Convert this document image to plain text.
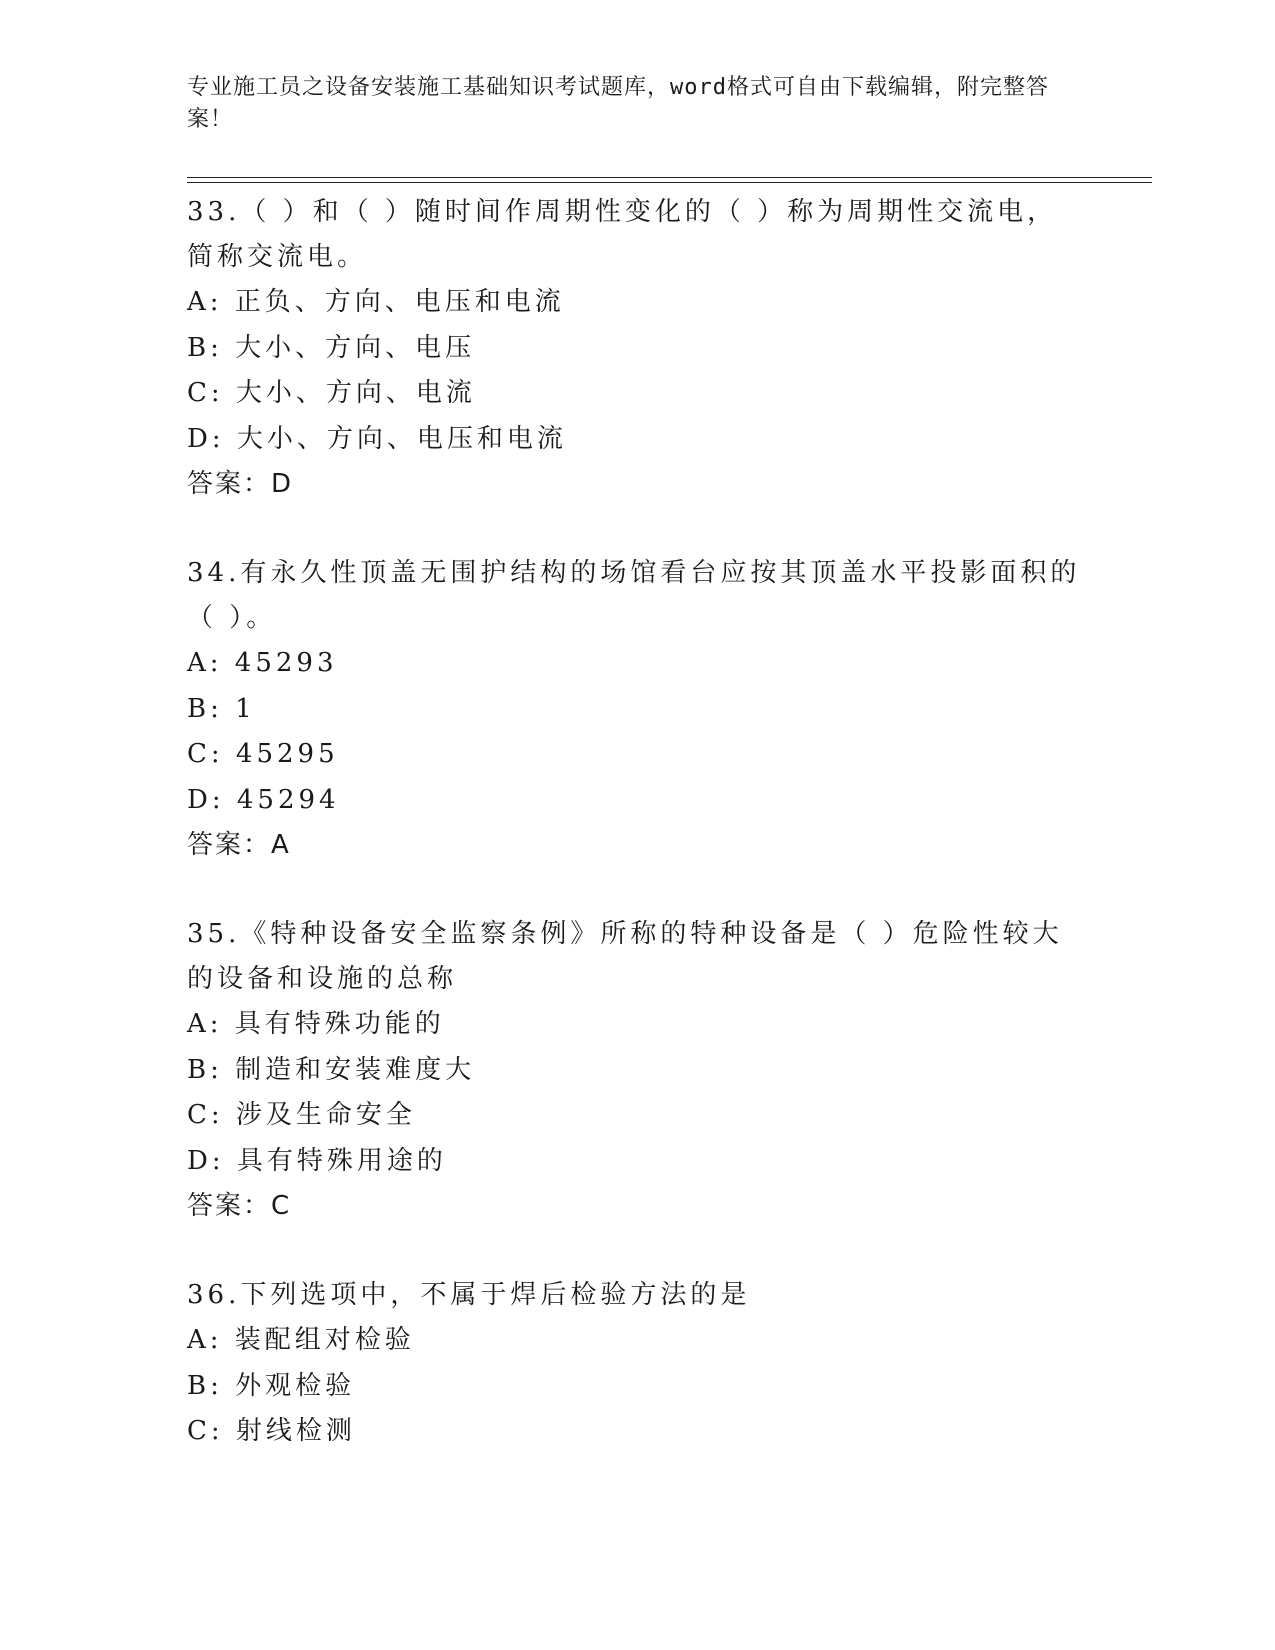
专业施工员之设备安装施工基础知识考试题库，word格式可自由下载编辑，附完整答案！

33.（ ）和（ ）随时间作周期性变化的（ ）称为周期性交流电，简称交流电。

A: 正负、方向、电压和电流

B: 大小、方向、电压

C: 大小、方向、电流

D: 大小、方向、电压和电流

答案：D

34.有永久性顶盖无围护结构的场馆看台应按其顶盖水平投影面积的（ ）。

A: 45293

B: 1

C: 45295

D: 45294

答案：A

35.《特种设备安全监察条例》所称的特种设备是（ ）危险性较大的设备和设施的总称

A: 具有特殊功能的

B: 制造和安装难度大

C: 涉及生命安全

D: 具有特殊用途的

答案：C

36.下列选项中，不属于焊后检验方法的是

A: 装配组对检验

B: 外观检验

C: 射线检测
